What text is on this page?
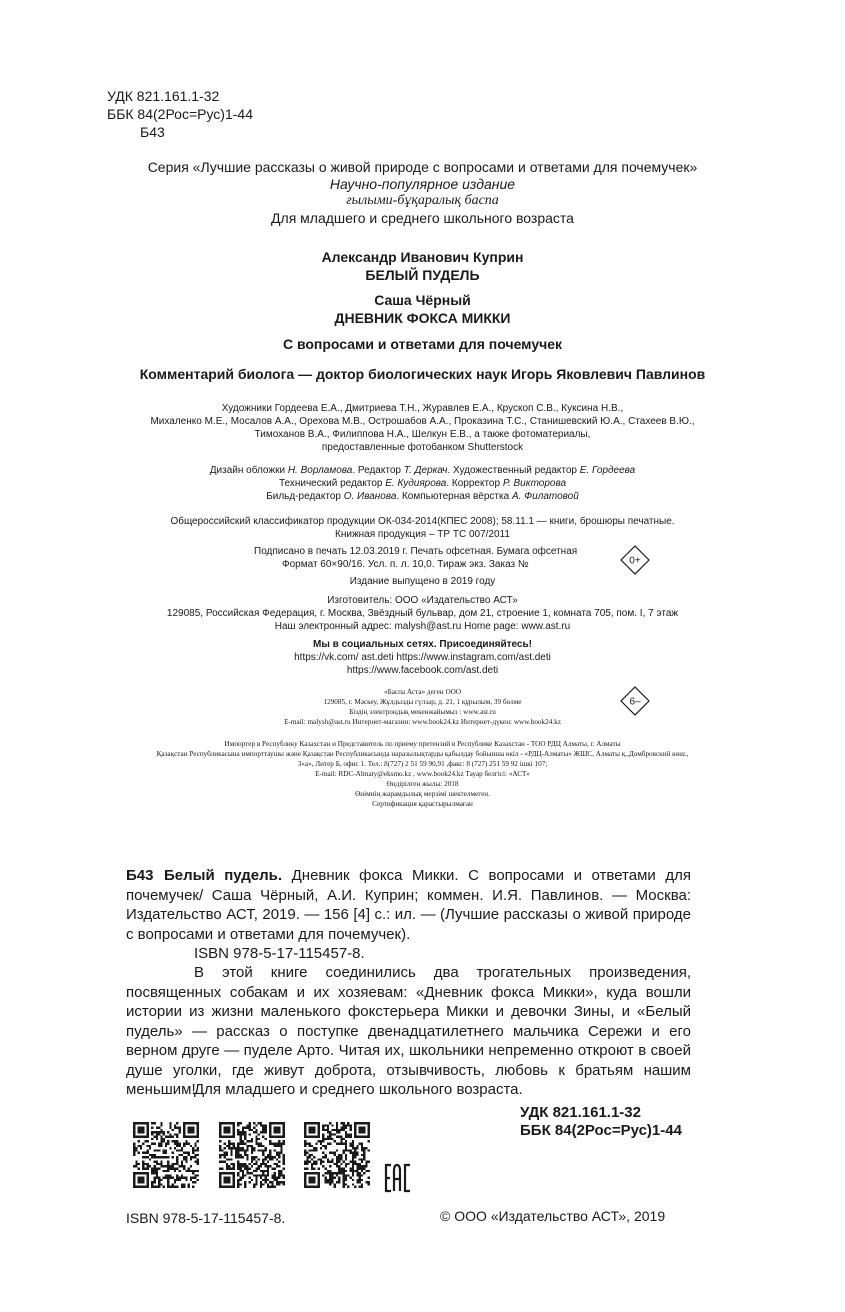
УДК 821.161.1-32
ББК 84(2Рос=Рус)1-44
Б43
Серия «Лучшие рассказы о живой природе с вопросами и ответами для почемучек»
Научно-популярное издание
ғылыми-бұқаралық баспа
Для младшего и среднего школьного возраста
Александр Иванович Куприн
БЕЛЫЙ ПУДЕЛЬ
Саша Чёрный
ДНЕВНИК ФОКСА МИККИ
С вопросами и ответами для почемучек
Комментарий биолога — доктор биологических наук Игорь Яковлевич Павлинов
Художники Гордеева Е.А., Дмитриева Т.Н., Журавлев Е.А., Крускоп С.В., Куксина Н.В.,
Михаленко М.Е., Мосалов А.А., Орехова М.В., Острошабов А.А., Проказина Т.С., Станишевский Ю.А., Стахеев В.Ю.,
Тимоханов В.А., Филиппова Н.А., Шелкун Е.В., а также фотоматериалы,
предоставленные фотобанком Shutterstock
Дизайн обложки Н. Ворламова. Редактор Т. Деркач. Художественный редактор Е. Гордеева
Технический редактор Е. Кудиярова. Корректор Р. Викторова
Бильд-редактор О. Иванова. Компьютерная вёрстка А. Филатовой
Общероссийский классификатор продукции ОК-034-2014(КПЕС 2008); 58.11.1 — книги, брошюры печатные.
Книжная продукция – ТР ТС 007/2011
Подписано в печать 12.03.2019 г. Печать офсетная. Бумага офсетная
Формат 60×90/16. Усл. п. л. 10,0. Тираж экз. Заказ №	0+
Издание выпущено в 2019 году
Изготовитель: ООО «Издательство АСТ»
129085, Российская Федерация, г. Москва, Звёздный бульвар, дом 21, строение 1, комната 705, пом. I, 7 этаж
Наш электронный адрес: malysh@ast.ru Home page: www.ast.ru
Мы в социальных сетях. Присоединяйтесь!
https://vk.com/ ast.deti https://www.instagram.com/ast.deti
https://www.facebook.com/ast.deti
«Баспа Аста» деген ООО
129085, г. Мәскеу, Жұлдызды гүлзар, д. 21, 1 құрылым, 39 бөлме
Біздің электрондық мекенжайымыз : www.ast.ru
E-mail: malysh@ast.ru Интернет-магазин: www.book24.kz Интернет-дүкен: www.book24.kz
6–
Импортер в Республику Казахстан и Представитель по приему претензий в Республике Казахстан - ТОО РДЦ Алматы, г. Алматы
Қазақстан Республикасына импорттаушы және Қазақстан Республикасында наразылықтарды қабылдау бойынша өкіл - «РДЦ-Алматы» ЖШС, Алматы қ.,Домбровский көш.,
3«а», Литер Б, офис 1. Тел.: 8(727) 2 51 59 90,91 ,факс: 8 (727) 251 59 92 ішкі 107;
E-mail: RDC-Almaty@eksmo.kz , www.book24.kz Тауар белгісі: «АСТ»
Өндірілген жылы: 2018
Өнімнің жарамдылық мерзімі шектелмеген.
Сертификация қарастырылмаған
Б43 Белый пудель. Дневник фокса Микки. С вопросами и ответами для почемучек/ Саша Чёрный, А.И. Куприн; коммен. И.Я. Павлинов. — Москва: Издательство АСТ, 2019. — 156 [4] с.: ил. — (Лучшие рассказы о живой природе с вопросами и ответами для почемучек).

ISBN 978-5-17-115457-8.

В этой книге соединились два трогательных произведения, посвященных собакам и их хозяевам: «Дневник фокса Микки», куда вошли истории из жизни маленького фокстерьера Микки и девочки Зины, и «Белый пудель» — рассказ о поступке двенадцатилетнего мальчика Сережи и его верном друге — пуделе Арто. Читая их, школьники непременно откроют в своей душе уголки, где живут доброта, отзывчивость, любовь к братьям нашим меньшим!

Для младшего и среднего школьного возраста.
УДК 821.161.1-32
ББК 84(2Рос=Рус)1-44
ISBN 978-5-17-115457-8.	© ООО «Издательство АСТ», 2019
